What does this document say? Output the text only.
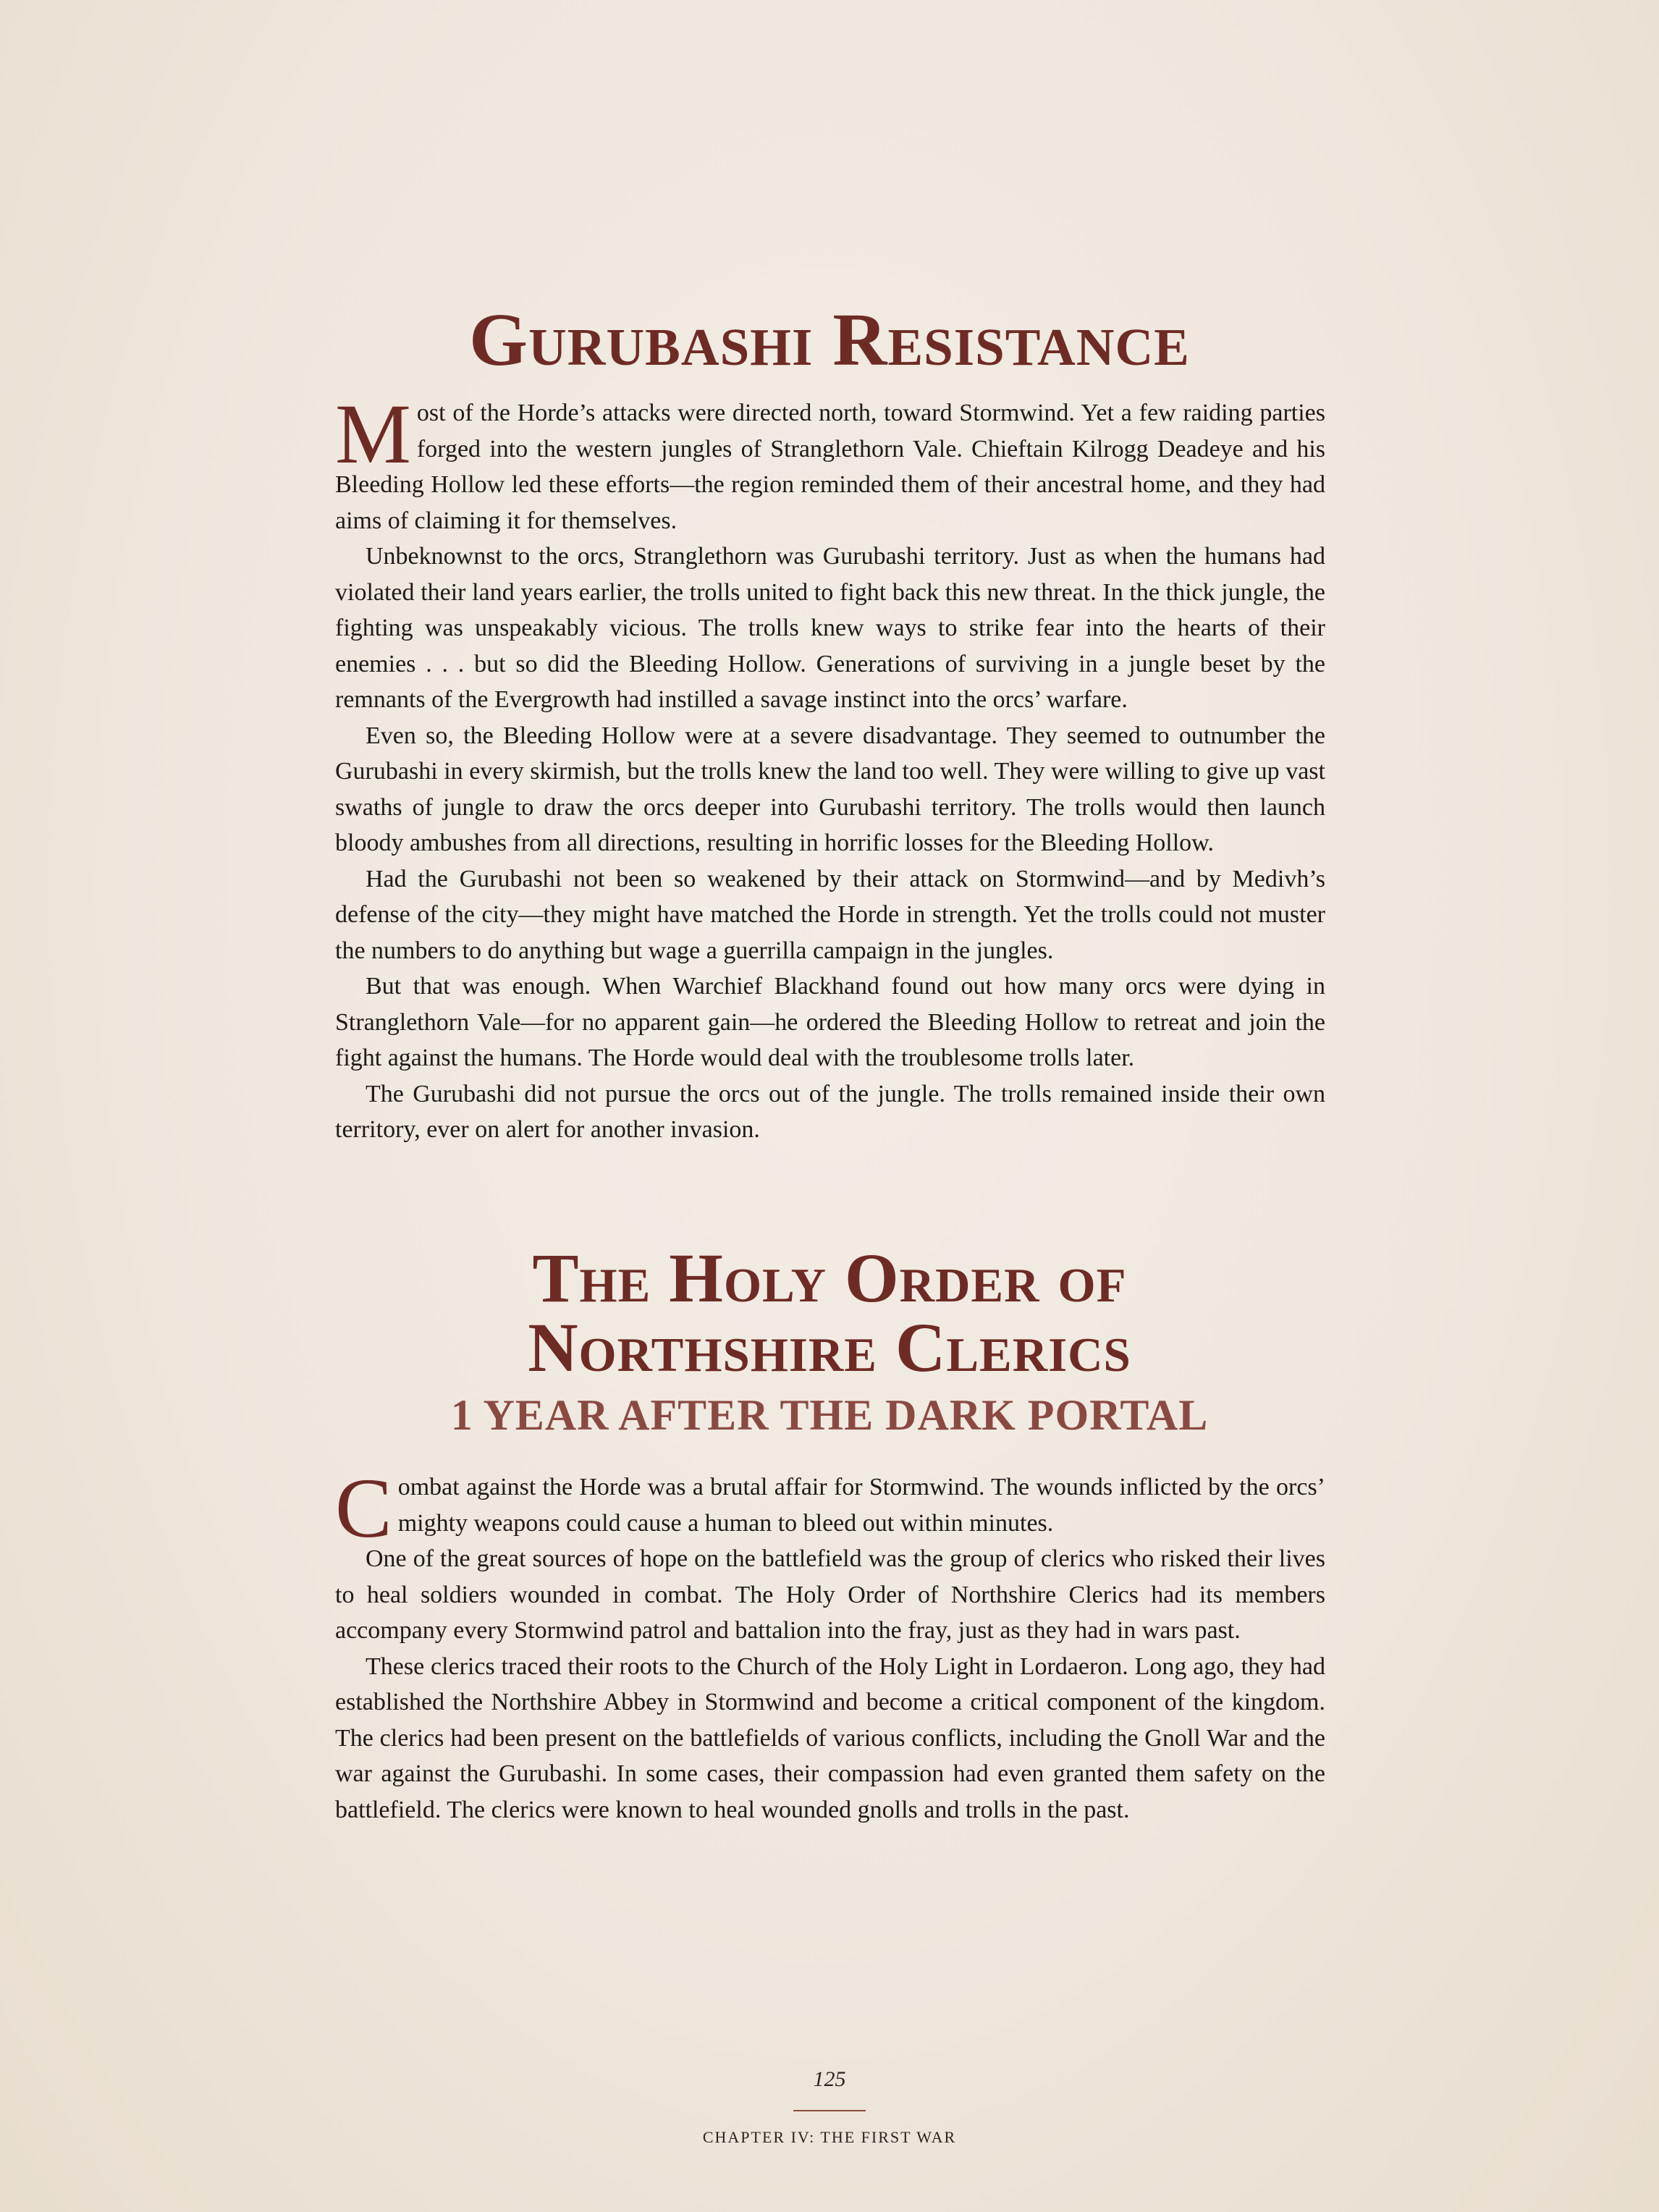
Gurubashi Resistance

Most of the Horde’s attacks were directed north, toward Stormwind. Yet a few raiding parties forged into the western jungles of Stranglethorn Vale. Chieftain Kilrogg Deadeye and his Bleeding Hollow led these efforts—the region reminded them of their ancestral home, and they had aims of claiming it for themselves.

Unbeknownst to the orcs, Stranglethorn was Gurubashi territory. Just as when the humans had violated their land years earlier, the trolls united to fight back this new threat. In the thick jungle, the fighting was unspeakably vicious. The trolls knew ways to strike fear into the hearts of their enemies . . . but so did the Bleeding Hollow. Generations of surviving in a jungle beset by the remnants of the Evergrowth had instilled a savage instinct into the orcs’ warfare.

Even so, the Bleeding Hollow were at a severe disadvantage. They seemed to outnumber the Gurubashi in every skirmish, but the trolls knew the land too well. They were willing to give up vast swaths of jungle to draw the orcs deeper into Gurubashi territory. The trolls would then launch bloody ambushes from all directions, resulting in horrific losses for the Bleeding Hollow.

Had the Gurubashi not been so weakened by their attack on Stormwind—and by Medivh’s defense of the city—they might have matched the Horde in strength. Yet the trolls could not muster the numbers to do anything but wage a guerrilla campaign in the jungles.

But that was enough. When Warchief Blackhand found out how many orcs were dying in Stranglethorn Vale—for no apparent gain—he ordered the Bleeding Hollow to retreat and join the fight against the humans. The Horde would deal with the troublesome trolls later.

The Gurubashi did not pursue the orcs out of the jungle. The trolls remained inside their own territory, ever on alert for another invasion.

The Holy Order of
Northshire Clerics
1 YEAR AFTER THE DARK PORTAL

Combat against the Horde was a brutal affair for Stormwind. The wounds inflicted by the orcs’ mighty weapons could cause a human to bleed out within minutes.

One of the great sources of hope on the battlefield was the group of clerics who risked their lives to heal soldiers wounded in combat. The Holy Order of Northshire Clerics had its members accompany every Stormwind patrol and battalion into the fray, just as they had in wars past.

These clerics traced their roots to the Church of the Holy Light in Lordaeron. Long ago, they had established the Northshire Abbey in Stormwind and become a critical component of the kingdom. The clerics had been present on the battlefields of various conflicts, including the Gnoll War and the war against the Gurubashi. In some cases, their compassion had even granted them safety on the battlefield. The clerics were known to heal wounded gnolls and trolls in the past.

125
CHAPTER IV: THE FIRST WAR
